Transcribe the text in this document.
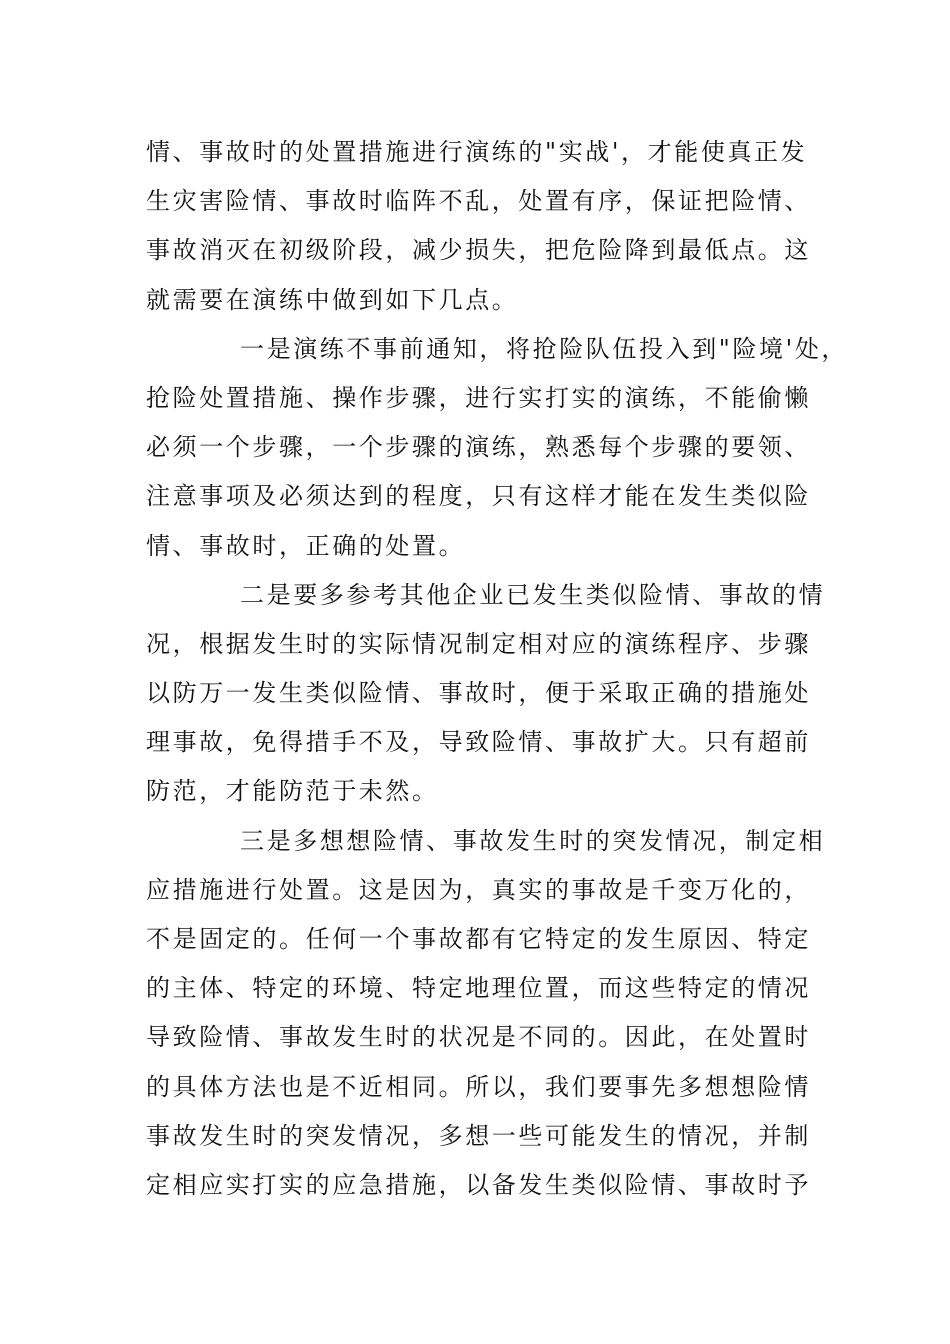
情、事故时的处置措施进行演练的"实战'，才能使真正发
生灾害险情、事故时临阵不乱，处置有序，保证把险情、
事故消灭在初级阶段，减少损失，把危险降到最低点。这
就需要在演练中做到如下几点。
一是演练不事前通知，将抢险队伍投入到"险境'处，
抢险处置措施、操作步骤，进行实打实的演练，不能偷懒
必须一个步骤，一个步骤的演练，熟悉每个步骤的要领、
注意事项及必须达到的程度，只有这样才能在发生类似险
情、事故时，正确的处置。
二是要多参考其他企业已发生类似险情、事故的情
况，根据发生时的实际情况制定相对应的演练程序、步骤
以防万一发生类似险情、事故时，便于采取正确的措施处
理事故，免得措手不及，导致险情、事故扩大。只有超前
防范，才能防范于未然。
三是多想想险情、事故发生时的突发情况，制定相
应措施进行处置。这是因为，真实的事故是千变万化的，
不是固定的。任何一个事故都有它特定的发生原因、特定
的主体、特定的环境、特定地理位置，而这些特定的情况
导致险情、事故发生时的状况是不同的。因此，在处置时
的具体方法也是不近相同。所以，我们要事先多想想险情
事故发生时的突发情况，多想一些可能发生的情况，并制
定相应实打实的应急措施，以备发生类似险情、事故时予
